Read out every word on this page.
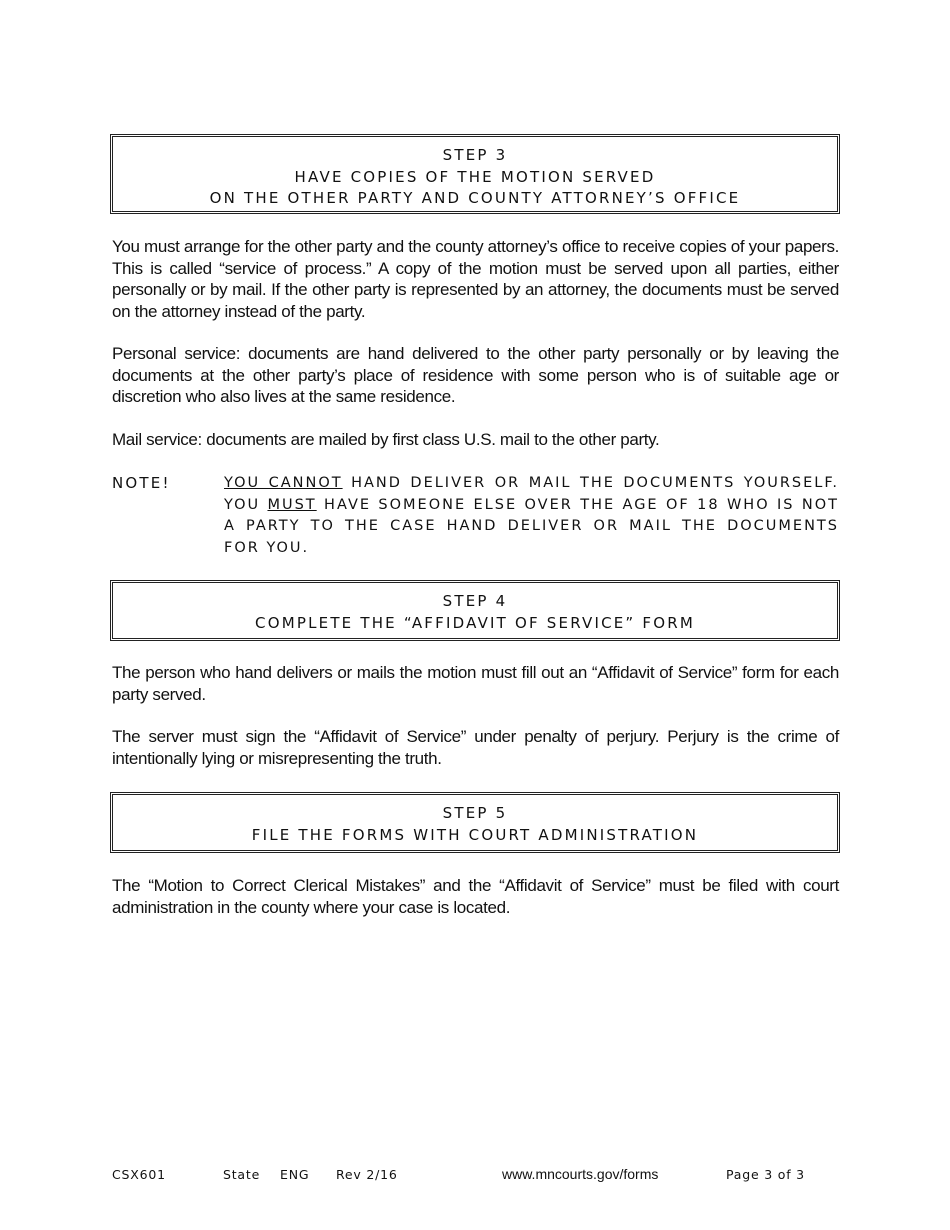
STEP 3
HAVE COPIES OF THE MOTION SERVED
ON THE OTHER PARTY AND COUNTY ATTORNEY’S OFFICE

You must arrange for the other party and the county attorney’s office to receive copies of your papers. This is called “service of process.” A copy of the motion must be served upon all parties, either personally or by mail. If the other party is represented by an attorney, the documents must be served on the attorney instead of the party.

Personal service: documents are hand delivered to the other party personally or by leaving the documents at the other party’s place of residence with some person who is of suitable age or discretion who also lives at the same residence.

Mail service: documents are mailed by first class U.S. mail to the other party.

NOTE!	YOU CANNOT HAND DELIVER OR MAIL THE DOCUMENTS YOURSELF. YOU MUST HAVE SOMEONE ELSE OVER THE AGE OF 18 WHO IS NOT A PARTY TO THE CASE HAND DELIVER OR MAIL THE DOCUMENTS FOR YOU.

STEP 4
COMPLETE THE “AFFIDAVIT OF SERVICE” FORM

The person who hand delivers or mails the motion must fill out an “Affidavit of Service” form for each party served.

The server must sign the “Affidavit of Service” under penalty of perjury. Perjury is the crime of intentionally lying or misrepresenting the truth.

STEP 5
FILE THE FORMS WITH COURT ADMINISTRATION

The “Motion to Correct Clerical Mistakes” and the “Affidavit of Service” must be filed with court administration in the county where your case is located.

CSX601	State ENG Rev 2/16	www.mncourts.gov/forms	Page 3 of 3
